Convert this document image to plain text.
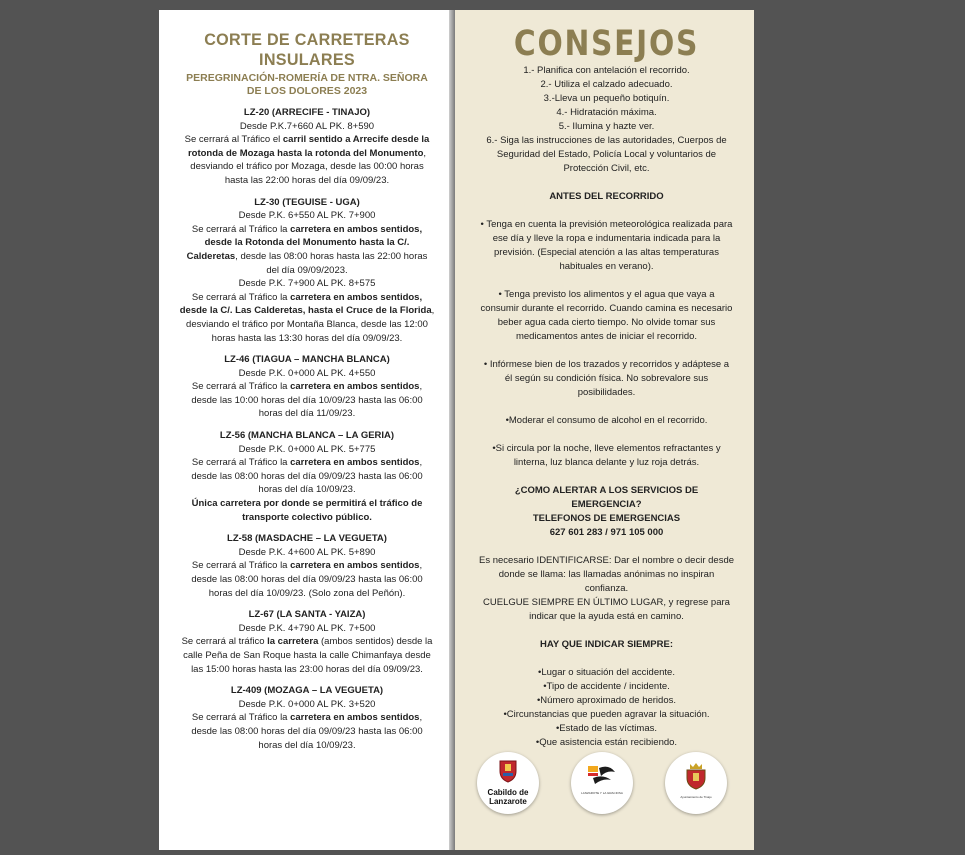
CORTE DE CARRETERAS INSULARES
PEREGRINACIÓN-ROMERÍA DE NTRA. SEÑORA DE LOS DOLORES 2023
LZ-20 (ARRECIFE - TINAJO)
Desde P.K.7+660 AL PK. 8+590
Se cerrará al Tráfico el carril sentido a Arrecife desde la rotonda de Mozaga hasta la rotonda del Monumento, desviando el tráfico por Mozaga, desde las 00:00 horas hasta las 22:00 horas del día 09/09/23.
LZ-30 (TEGUISE - UGA)
Desde P.K. 6+550 AL PK. 7+900
Se cerrará al Tráfico la carretera en ambos sentidos, desde la Rotonda del Monumento hasta la C/. Calderetas, desde las 08:00 horas hasta las 22:00 horas del día 09/09/2023.
Desde P.K. 7+900 AL PK. 8+575
Se cerrará al Tráfico la carretera en ambos sentidos, desde la C/. Las Calderetas, hasta el Cruce de la Florida, desviando el tráfico por Montaña Blanca, desde las 12:00 horas hasta las 13:30 horas del día 09/09/23.
LZ-46 (TIAGUA – MANCHA BLANCA)
Desde P.K. 0+000 AL PK. 4+550
Se cerrará al Tráfico la carretera en ambos sentidos, desde las 10:00 horas del día 10/09/23 hasta las 06:00 horas del día 11/09/23.
LZ-56 (MANCHA BLANCA – LA GERIA)
Desde P.K. 0+000 AL PK. 5+775
Se cerrará al Tráfico la carretera en ambos sentidos, desde las 08:00 horas del día 09/09/23 hasta las 06:00 horas del día 10/09/23.
Única carretera por donde se permitirá el tráfico de transporte colectivo público.
LZ-58 (MASDACHE – LA VEGUETA)
Desde P.K. 4+600 AL PK. 5+890
Se cerrará al Tráfico la carretera en ambos sentidos, desde las 08:00 horas del día 09/09/23 hasta las 06:00 horas del día 10/09/23. (Solo zona del Peñón).
LZ-67 (LA SANTA - YAIZA)
Desde P.K. 4+790 AL PK. 7+500
Se cerrará al tráfico la carretera (ambos sentidos) desde la calle Peña de San Roque hasta la calle Chimanfaya desde las 15:00 horas hasta las 23:00 horas del día 09/09/23.
LZ-409 (MOZAGA – LA VEGUETA)
Desde P.K. 0+000 AL PK. 3+520
Se cerrará al Tráfico la carretera en ambos sentidos, desde las 08:00 horas del día 09/09/23 hasta las 06:00 horas del día 10/09/23.
CONSEJOS
1.- Planifica con antelación el recorrido.
2.- Utiliza el calzado adecuado.
3.-Lleva un pequeño botiquín.
4.- Hidratación máxima.
5.- Ilumina y hazte ver.
6.- Siga las instrucciones de las autoridades, Cuerpos de Seguridad del Estado, Policía Local y voluntarios de Protección Civil, etc.
ANTES DEL RECORRIDO
• Tenga en cuenta la previsión meteorológica realizada para ese día y lleve la ropa e indumentaria indicada para la previsión. (Especial atención a las altas temperaturas habituales en verano).
• Tenga previsto los alimentos y el agua que vaya a consumir durante el recorrido. Cuando camina es necesario beber agua cada cierto tiempo. No olvide tomar sus medicamentos antes de iniciar el recorrido.
• Infórmese bien de los trazados y recorridos y adáptese a él según su condición física. No sobrevalore sus posibilidades.
•Moderar el consumo de alcohol en el recorrido.
•Si circula por la noche, lleve elementos refractantes y linterna, luz blanca delante y luz roja detrás.
¿COMO ALERTAR A LOS SERVICIOS DE EMERGENCIA?
TELEFONOS DE EMERGENCIAS
627 601 283 / 971 105 000
Es necesario IDENTIFICARSE: Dar el nombre o decir desde donde se llama: las llamadas anónimas no inspiran confianza.
CUELGUE SIEMPRE EN ÚLTIMO LUGAR, y regrese para indicar que la ayuda está en camino.
HAY QUE INDICAR SIEMPRE:
•Lugar o situación del accidente.
•Tipo de accidente / incidente.
•Número aproximado de heridos.
•Circunstancias que pueden agravar la situación.
•Estado de las víctimas.
•Que asistencia están recibiendo.
Cabildo de
Lanzarote
LANZAROTE Y LA GRACIOSA
Ayuntamiento de Tinajo
